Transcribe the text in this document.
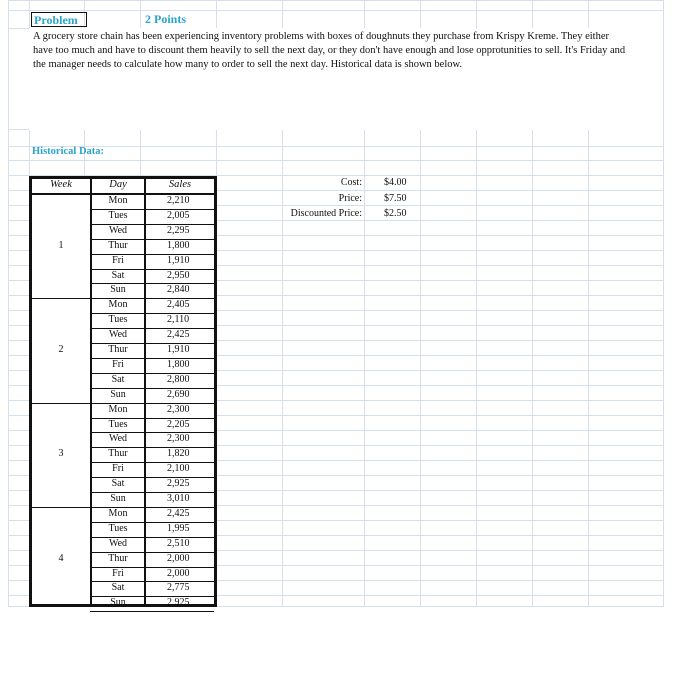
Problem	2 Points
A grocery store chain has been experiencing inventory problems with boxes of doughnuts they purchase from Krispy Kreme. They either
have too much and have to discount them heavily to sell the next day, or they don't have enough and lose opprotunities to sell. It's Friday and
the manager needs to calculate how many to order to sell the next day. Historical data is shown below.
Historical Data:
Week	Day	Sales
1
Mon	2,210
Tues	2,005
Wed	2,295
Thur	1,800
Fri	1,910
Sat	2,950
Sun	2,840
2
Mon	2,405
Tues	2,110
Wed	2,425
Thur	1,910
Fri	1,800
Sat	2,800
Sun	2,690
3
Mon	2,300
Tues	2,205
Wed	2,300
Thur	1,820
Fri	2,100
Sat	2,925
Sun	3,010
4
Mon	2,425
Tues	1,995
Wed	2,510
Thur	2,000
Fri	2,000
Sat	2,775
Sun	2,925
Cost: $4.00
Price: $7.50
Discounted Price: $2.50
